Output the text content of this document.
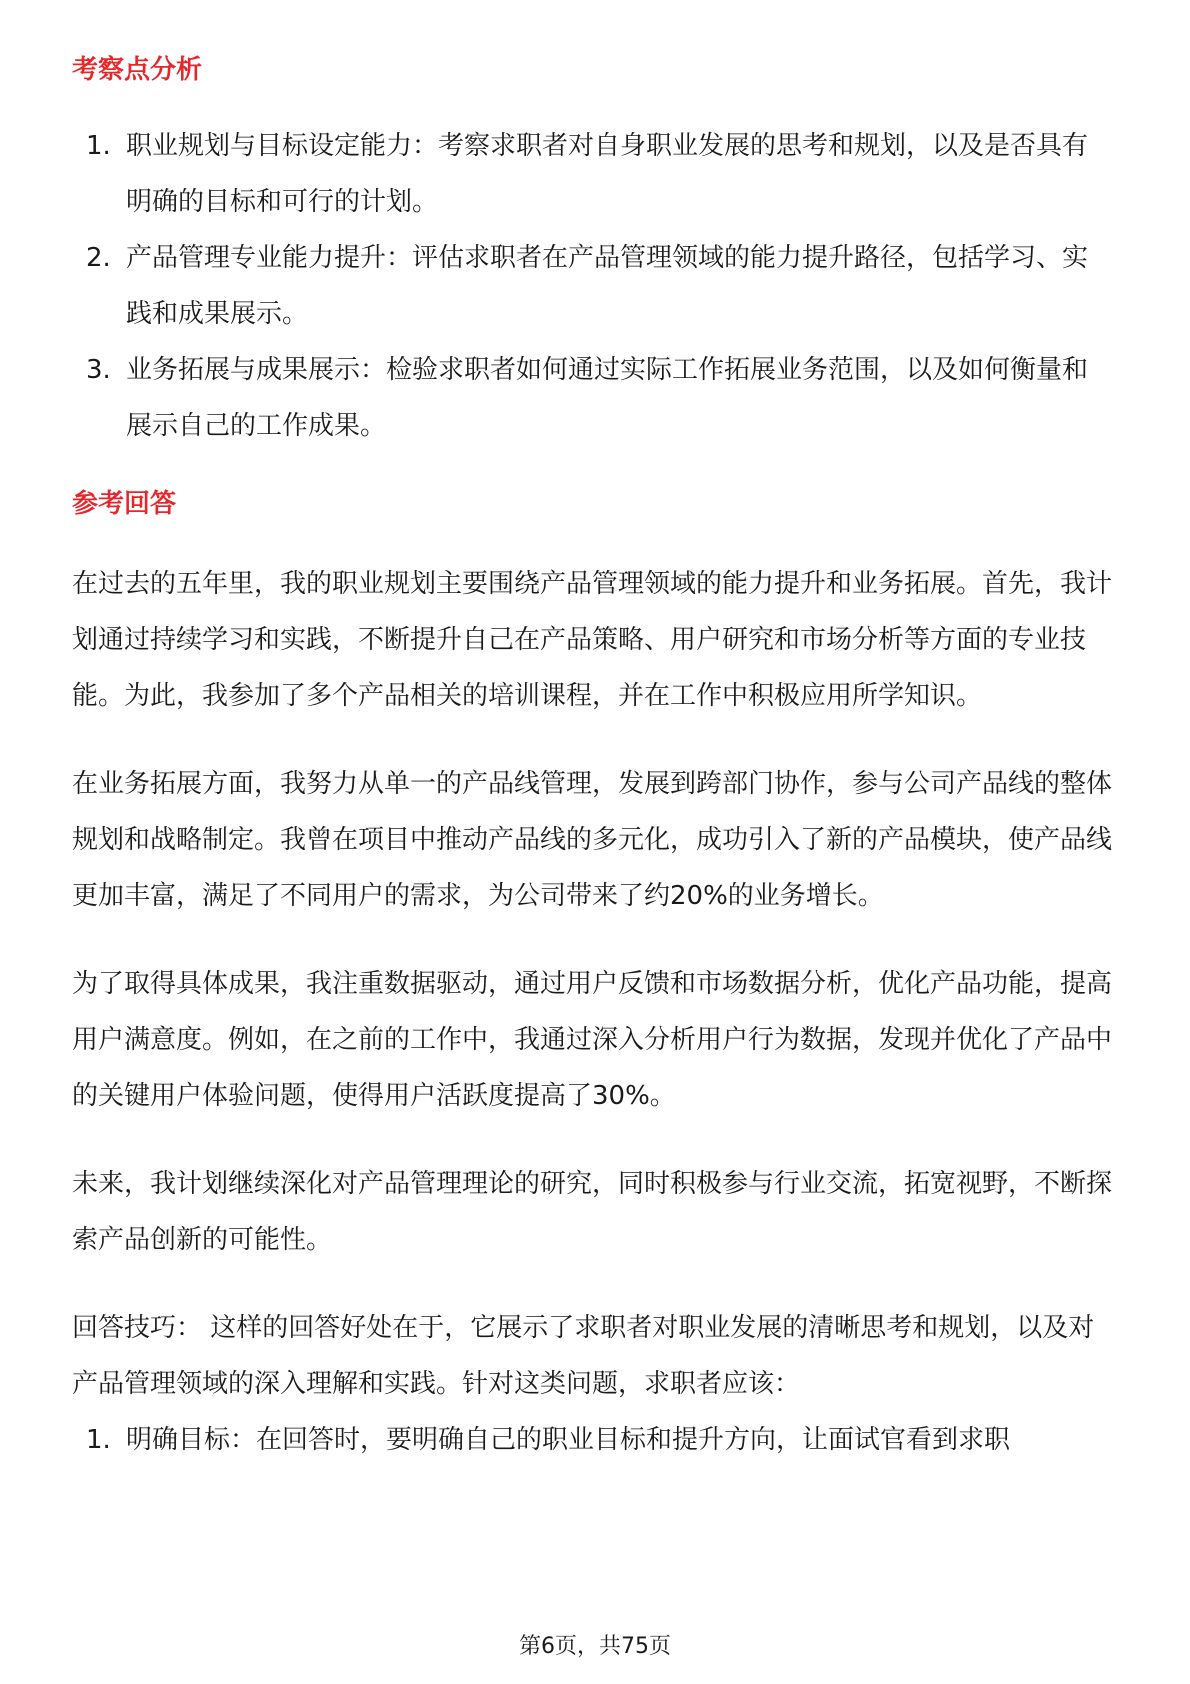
考察点分析
1. 职业规划与目标设定能力：考察求职者对自身职业发展的思考和规划，以及是否具有明确的目标和可行的计划。
2. 产品管理专业能力提升：评估求职者在产品管理领域的能力提升路径，包括学习、实践和成果展示。
3. 业务拓展与成果展示：检验求职者如何通过实际工作拓展业务范围，以及如何衡量和展示自己的工作成果。
参考回答

在过去的五年里，我的职业规划主要围绕产品管理领域的能力提升和业务拓展。首先，我计划通过持续学习和实践，不断提升自己在产品策略、用户研究和市场分析等方面的专业技能。为此，我参加了多个产品相关的培训课程，并在工作中积极应用所学知识。

在业务拓展方面，我努力从单一的产品线管理，发展到跨部门协作，参与公司产品线的整体规划和战略制定。我曾在项目中推动产品线的多元化，成功引入了新的产品模块，使产品线更加丰富，满足了不同用户的需求，为公司带来了约20%的业务增长。

为了取得具体成果，我注重数据驱动，通过用户反馈和市场数据分析，优化产品功能，提高用户满意度。例如，在之前的工作中，我通过深入分析用户行为数据，发现并优化了产品中的关键用户体验问题，使得用户活跃度提高了30%。

未来，我计划继续深化对产品管理理论的研究，同时积极参与行业交流，拓宽视野，不断探索产品创新的可能性。

回答技巧： 这样的回答好处在于，它展示了求职者对职业发展的清晰思考和规划，以及对产品管理领域的深入理解和实践。针对这类问题，求职者应该：

1. 明确目标：在回答时，要明确自己的职业目标和提升方向，让面试官看到求职
第6页，共75页
